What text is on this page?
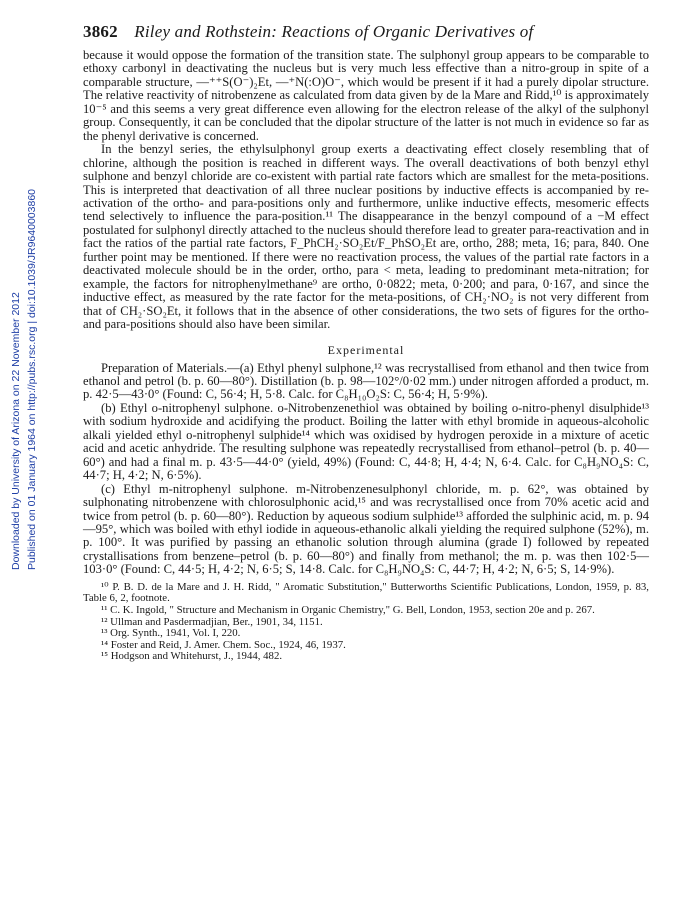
Downloaded by University of Arizona on 22 November 2012 Published on 01 January 1964 on http://pubs.rsc.org | doi:10.1039/JR9640003860
3862 Riley and Rothstein: Reactions of Organic Derivatives of

because it would oppose the formation of the transition state. The sulphonyl group appears to be comparable to ethoxy carbonyl in deactivating the nucleus but is very much less effective than a nitro-group in spite of a comparable structure, —⁺⁺S(O⁻)₂Et, —⁺N(:O)O⁻, which would be present if it had a purely dipolar structure. The relative reactivity of nitrobenzene as calculated from data given by de la Mare and Ridd,¹⁰ is approximately 10⁻⁵ and this seems a very great difference even allowing for the electron release of the alkyl of the sulphonyl group. Consequently, it can be concluded that the dipolar structure of the latter is not much in evidence so far as the phenyl derivative is concerned.

In the benzyl series, the ethylsulphonyl group exerts a deactivating effect closely resembling that of chlorine, although the position is reached in different ways. The overall deactivations of both benzyl ethyl sulphone and benzyl chloride are co-existent with partial rate factors which are smallest for the meta-positions. This is interpreted that deactivation of all three nuclear positions by inductive effects is accompanied by re-activation of the ortho- and para-positions only and furthermore, unlike inductive effects, mesomeric effects tend selectively to influence the para-position.¹¹ The disappearance in the benzyl compound of a −M effect postulated for sulphonyl directly attached to the nucleus should therefore lead to greater para-reactivation and in fact the ratios of the partial rate factors, F_PhCH₂·SO₂Et/F_PhSO₂Et are, ortho, 288; meta, 16; para, 840. One further point may be mentioned. If there were no reactivation process, the values of the partial rate factors in a deactivated molecule should be in the order, ortho, para < meta, leading to predominant meta-nitration; for example, the factors for nitrophenylmethane⁹ are ortho, 0·0822; meta, 0·200; and para, 0·167, and since the inductive effect, as measured by the rate factor for the meta-positions, of CH₂·NO₂ is not very different from that of CH₂·SO₂Et, it follows that in the absence of other considerations, the two sets of figures for the ortho- and para-positions should also have been similar.

Experimental

Preparation of Materials.—(a) Ethyl phenyl sulphone,¹² was recrystallised from ethanol and then twice from ethanol and petrol (b. p. 60—80°). Distillation (b. p. 98—102°/0·02 mm.) under nitrogen afforded a product, m. p. 42·5—43·0° (Found: C, 56·4; H, 5·8. Calc. for C₈H₁₀O₂S: C, 56·4; H, 5·9%).

(b) Ethyl o-nitrophenyl sulphone. o-Nitrobenzenethiol was obtained by boiling o-nitro-phenyl disulphide¹³ with sodium hydroxide and acidifying the product. Boiling the latter with ethyl bromide in aqueous-alcoholic alkali yielded ethyl o-nitrophenyl sulphide¹⁴ which was oxidised by hydrogen peroxide in a mixture of acetic acid and acetic anhydride. The resulting sulphone was repeatedly recrystallised from ethanol–petrol (b. p. 40—60°) and had a final m. p. 43·5—44·0° (yield, 49%) (Found: C, 44·8; H, 4·4; N, 6·4. Calc. for C₈H₉NO₄S: C, 44·7; H, 4·2; N, 6·5%).

(c) Ethyl m-nitrophenyl sulphone. m-Nitrobenzenesulphonyl chloride, m. p. 62°, was obtained by sulphonating nitrobenzene with chlorosulphonic acid,¹⁵ and was recrystallised once from 70% acetic acid and twice from petrol (b. p. 60—80°). Reduction by aqueous sodium sulphide¹³ afforded the sulphinic acid, m. p. 94—95°, which was boiled with ethyl iodide in aqueous-ethanolic alkali yielding the required sulphone (52%), m. p. 100°. It was purified by passing an ethanolic solution through alumina (grade I) followed by repeated crystallisations from benzene–petrol (b. p. 60—80°) and finally from methanol; the m. p. was then 102·5—103·0° (Found: C, 44·5; H, 4·2; N, 6·5; S, 14·8. Calc. for C₈H₉NO₄S: C, 44·7; H, 4·2; N, 6·5; S, 14·9%).

¹⁰ P. B. D. de la Mare and J. H. Ridd, " Aromatic Substitution," Butterworths Scientific Publications, London, 1959, p. 83, Table 6, 2, footnote.

¹¹ C. K. Ingold, " Structure and Mechanism in Organic Chemistry," G. Bell, London, 1953, section 20e and p. 267.

¹² Ullman and Pasdermadjian, Ber., 1901, 34, 1151.

¹³ Org. Synth., 1941, Vol. I, 220.

¹⁴ Foster and Reid, J. Amer. Chem. Soc., 1924, 46, 1937.

¹⁵ Hodgson and Whitehurst, J., 1944, 482.
